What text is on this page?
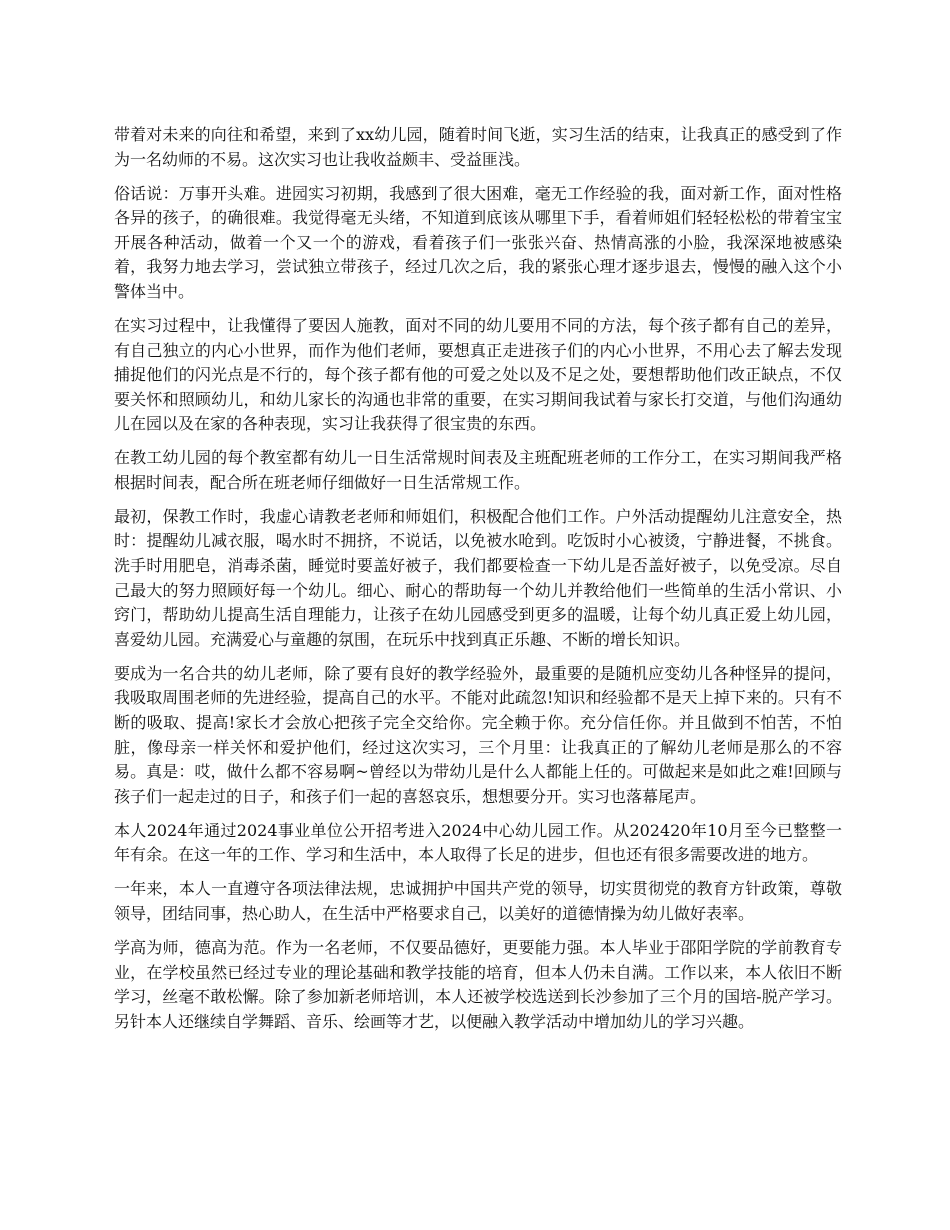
带着对未来的向往和希望，来到了xx幼儿园，随着时间飞逝，实习生活的结束，让我真正的感受到了作为一名幼师的不易。这次实习也让我收益颇丰、受益匪浅。

俗话说：万事开头难。进园实习初期，我感到了很大困难，毫无工作经验的我，面对新工作，面对性格各异的孩子，的确很难。我觉得毫无头绪，不知道到底该从哪里下手，看着师姐们轻轻松松的带着宝宝开展各种活动，做着一个又一个的游戏，看着孩子们一张张兴奋、热情高涨的小脸，我深深地被感染着，我努力地去学习，尝试独立带孩子，经过几次之后，我的紧张心理才逐步退去，慢慢的融入这个小警体当中。

在实习过程中，让我懂得了要因人施教，面对不同的幼儿要用不同的方法，每个孩子都有自己的差异，有自己独立的内心小世界，而作为他们老师，要想真正走进孩子们的内心小世界，不用心去了解去发现捕捉他们的闪光点是不行的，每个孩子都有他的可爱之处以及不足之处，要想帮助他们改正缺点，不仅要关怀和照顾幼儿，和幼儿家长的沟通也非常的重要，在实习期间我试着与家长打交道，与他们沟通幼儿在园以及在家的各种表现，实习让我获得了很宝贵的东西。

在教工幼儿园的每个教室都有幼儿一日生活常规时间表及主班配班老师的工作分工，在实习期间我严格根据时间表，配合所在班老师仔细做好一日生活常规工作。

最初，保教工作时，我虚心请教老老师和师姐们，积极配合他们工作。户外活动提醒幼儿注意安全，热时：提醒幼儿减衣服，喝水时不拥挤，不说话，以免被水呛到。吃饭时小心被烫，宁静进餐，不挑食。洗手时用肥皂，消毒杀菌，睡觉时要盖好被子，我们都要检查一下幼儿是否盖好被子，以免受凉。尽自己最大的努力照顾好每一个幼儿。细心、耐心的帮助每一个幼儿并教给他们一些简单的生活小常识、小窍门，帮助幼儿提高生活自理能力，让孩子在幼儿园感受到更多的温暖，让每个幼儿真正爱上幼儿园，喜爱幼儿园。充满爱心与童趣的氛围，在玩乐中找到真正乐趣、不断的增长知识。

要成为一名合共的幼儿老师，除了要有良好的教学经验外，最重要的是随机应变幼儿各种怪异的提问，我吸取周围老师的先进经验，提高自己的水平。不能对此疏忽!知识和经验都不是天上掉下来的。只有不断的吸取、提高!家长才会放心把孩子完全交给你。完全赖于你。充分信任你。并且做到不怕苦，不怕脏，像母亲一样关怀和爱护他们，经过这次实习，三个月里：让我真正的了解幼儿老师是那么的不容易。真是：哎，做什么都不容易啊~曾经以为带幼儿是什么人都能上任的。可做起来是如此之难!回顾与孩子们一起走过的日子，和孩子们一起的喜怒哀乐，想想要分开。实习也落幕尾声。

本人2024年通过2024事业单位公开招考进入2024中心幼儿园工作。从202420年10月至今已整整一年有余。在这一年的工作、学习和生活中，本人取得了长足的进步，但也还有很多需要改进的地方。

一年来，本人一直遵守各项法律法规，忠诚拥护中国共产党的领导，切实贯彻党的教育方针政策，尊敬领导，团结同事，热心助人，在生活中严格要求自己，以美好的道德情操为幼儿做好表率。

学高为师，德高为范。作为一名老师，不仅要品德好，更要能力强。本人毕业于邵阳学院的学前教育专业，在学校虽然已经过专业的理论基础和教学技能的培育，但本人仍未自满。工作以来，本人依旧不断学习，丝毫不敢松懈。除了参加新老师培训，本人还被学校选送到长沙参加了三个月的国培-脱产学习。另针本人还继续自学舞蹈、音乐、绘画等才艺，以便融入教学活动中增加幼儿的学习兴趣。
